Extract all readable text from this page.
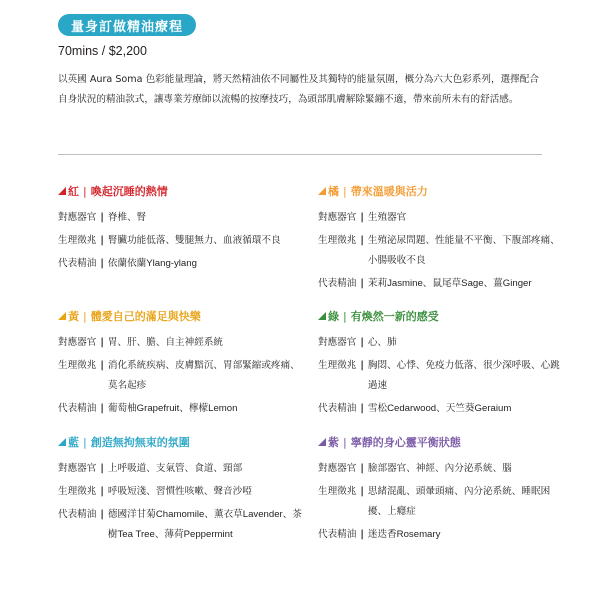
量身訂做精油療程
70mins / $2,200
以英國 Aura Soma 色彩能量理論，將天然精油依不同屬性及其獨特的能量氛圍，概分為六大色彩系列，選擇配合自身狀況的精油款式，讓專業芳療師以流暢的按摩技巧，為頭部肌膚解除緊繃不適，帶來前所未有的舒活感。
紅 | 喚起沉睡的熱情
對應器官 | 脊椎、腎
生理徵兆 | 腎臟功能低落、雙腿無力、血液循環不良
代表精油 | 依蘭依蘭Ylang-ylang
橘 | 帶來溫暖與活力
對應器官 | 生殖器官
生理徵兆 | 生殖泌尿問題、性能量不平衡、下腹部疼痛、小腸吸收不良
代表精油 | 茉莉Jasmine、鼠尾草Sage、薑Ginger
黃 | 體愛自己的滿足與快樂
對應器官 | 胃、肝、膽、自主神經系統
生理徵兆 | 消化系統疾病、皮膚黯沉、胃部緊縮或疼痛、莫名起疹
代表精油 | 葡萄柚Grapefruit、檸檬Lemon
綠 | 有煥然一新的感受
對應器官 | 心、肺
生理徵兆 | 胸悶、心悸、免疫力低落、很少深呼吸、心跳過速
代表精油 | 雪松Cedarwood、天竺葵Geraium
藍 | 創造無拘無束的氛圍
對應器官 | 上呼吸道、支氣管、食道、頸部
生理徵兆 | 呼吸短淺、習慣性咳嗽、聲音沙啞
代表精油 | 德國洋甘菊Chamomile、薰衣草Lavender、茶樹Tea Tree、薄荷Peppermint
紫 | 寧靜的身心靈平衡狀態
對應器官 | 臉部器官、神經、內分泌系統、腦
生理徵兆 | 思緒混亂、頭暈頭痛、內分泌系統、睡眠困擾、上癮症
代表精油 | 迷迭香Rosemary
